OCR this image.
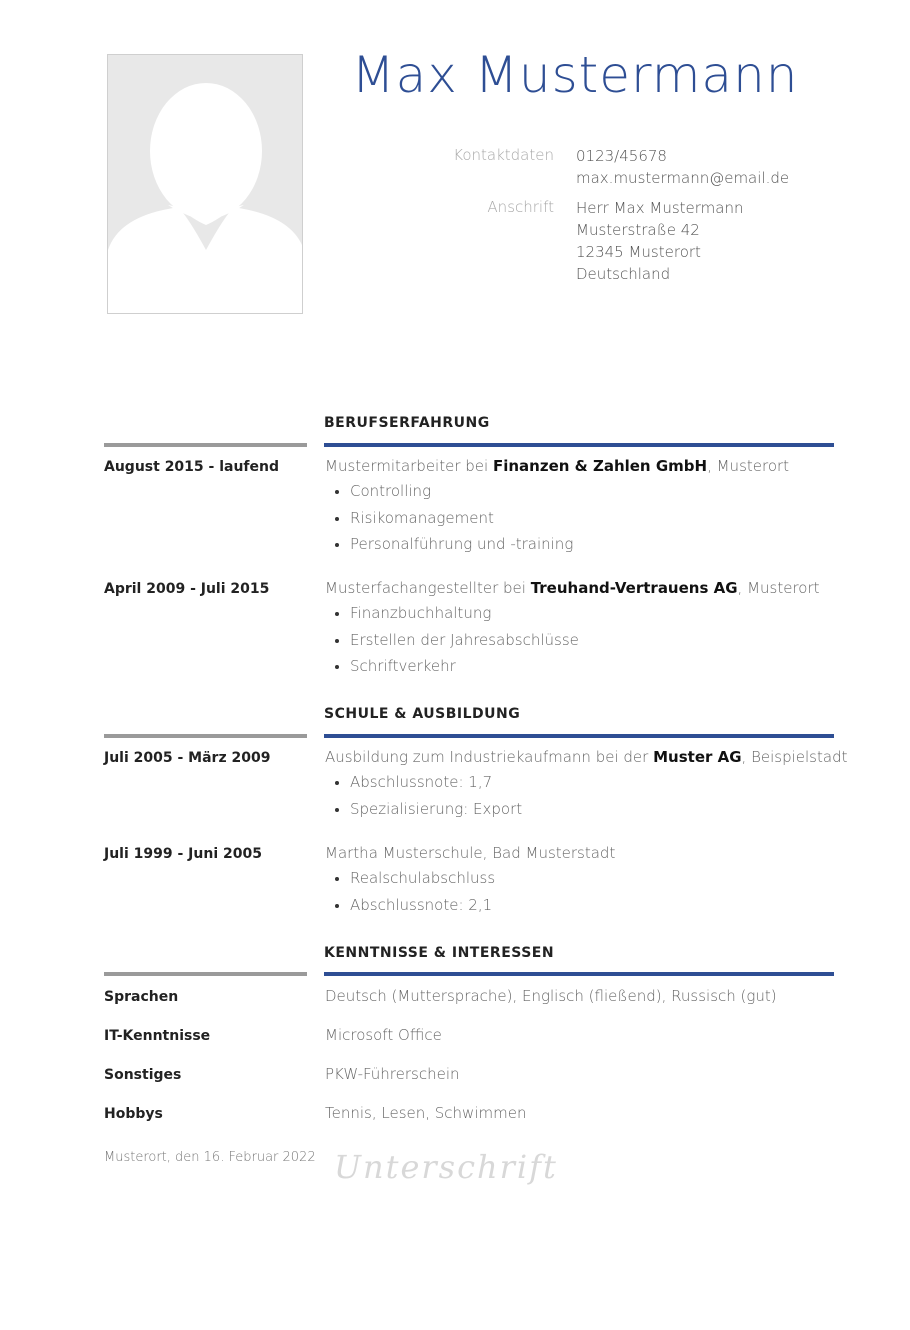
Max Mustermann
Kontaktdaten 0123/45678
max.mustermann@email.de
Anschrift Herr Max Mustermann
Musterstraße 42
12345 Musterort
Deutschland
BERUFSERFAHRUNG
August 2015 - laufend	Mustermitarbeiter bei Finanzen & Zahlen GmbH, Musterort
Controlling
Risikomanagement
Personalführung und -training
April 2009 - Juli 2015	Musterfachangestellter bei Treuhand-Vertrauens AG, Musterort
Finanzbuchhaltung
Erstellen der Jahresabschlüsse
Schriftverkehr
SCHULE & AUSBILDUNG
Juli 2005 - März 2009	Ausbildung zum Industriekaufmann bei der Muster AG, Beispielstadt
Abschlussnote: 1,7
Spezialisierung: Export
Juli 1999 - Juni 2005	Martha Musterschule, Bad Musterstadt
Realschulabschluss
Abschlussnote: 2,1
KENNTNISSE & INTERESSEN
Sprachen	Deutsch (Muttersprache), Englisch (fließend), Russisch (gut)
IT-Kenntnisse	Microsoft Office
Sonstiges	PKW-Führerschein
Hobbys	Tennis, Lesen, Schwimmen
Musterort, den 16. Februar 2022 Unterschrift
